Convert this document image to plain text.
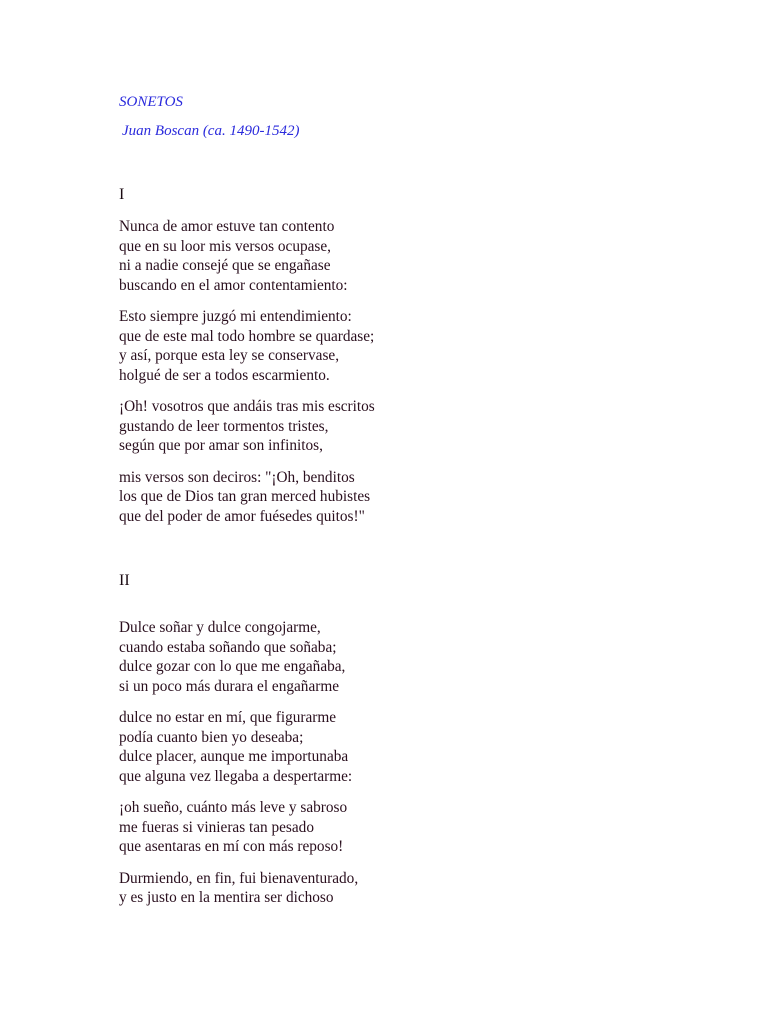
SONETOS

Juan Boscan (ca. 1490-1542)

I

Nunca de amor estuve tan contento
que en su loor mis versos ocupase,
ni a nadie consejé que se engañase
buscando en el amor contentamiento:

Esto siempre juzgó mi entendimiento:
que de este mal todo hombre se quardase;
y así, porque esta ley se conservase,
holgué de ser a todos escarmiento.

¡Oh! vosotros que andáis tras mis escritos
gustando de leer tormentos tristes,
según que por amar son infinitos,

mis versos son deciros: "¡Oh, benditos
los que de Dios tan gran merced hubistes
que del poder de amor fuésedes quitos!"

II

Dulce soñar y dulce congojarme,
cuando estaba soñando que soñaba;
dulce gozar con lo que me engañaba,
si un poco más durara el engañarme

dulce no estar en mí, que figurarme
podía cuanto bien yo deseaba;
dulce placer, aunque me importunaba
que alguna vez llegaba a despertarme:

¡oh sueño, cuánto más leve y sabroso
me fueras si vinieras tan pesado
que asentaras en mí con más reposo!

Durmiendo, en fin, fui bienaventurado,
y es justo en la mentira ser dichoso
